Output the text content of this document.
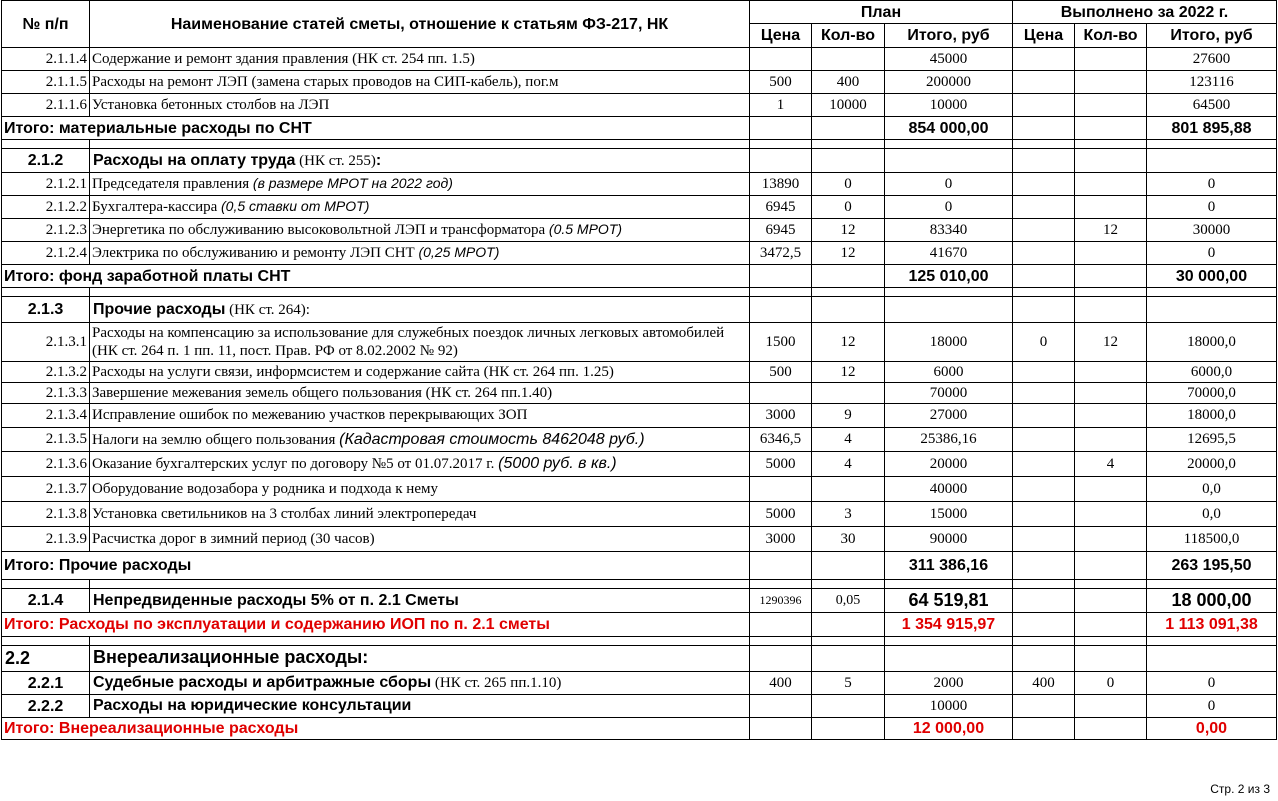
№ п/п	Наименование статей сметы, отношение к статьям ФЗ-217, НК	План			Выполнено за 2022 г.		
		Цена	Кол-во	Итого, руб	Цена	Кол-во	Итого, руб
2.1.1.4	Содержание и ремонт здания правления (НК ст. 254 пп. 1.5)			45000			27600
2.1.1.5	Расходы на ремонт ЛЭП (замена старых проводов на СИП-кабель), пог.м	500	400	200000			123116
2.1.1.6	Установка бетонных столбов на ЛЭП	1	10000	10000			64500
Итого: материальные расходы по СНТ				854 000,00			801 895,88

2.1.2	Расходы на оплату труда (НК ст. 255):						
2.1.2.1	Председателя правления (в размере МРОТ на 2022 год)	13890	0	0			0
2.1.2.2	Бухгалтера-кассира (0,5 ставки от МРОТ)	6945	0	0			0
2.1.2.3	Энергетика по обслуживанию высоковольтной ЛЭП и трансформатора (0.5 МРОТ)	6945	12	83340		12	30000
2.1.2.4	Электрика по обслуживанию и ремонту ЛЭП СНТ (0,25 МРОТ)	3472,5	12	41670			0
Итого: фонд заработной платы СНТ				125 010,00			30 000,00

2.1.3	Прочие расходы (НК ст. 264):						
2.1.3.1	Расходы на компенсацию за использование для служебных поездок личных легковых автомобилей (НК ст. 264 п. 1 пп. 11, пост. Прав. РФ от 8.02.2002 № 92)	1500	12	18000	0	12	18000,0
2.1.3.2	Расходы на услуги связи, информсистем и содержание сайта (НК ст. 264 пп. 1.25)	500	12	6000			6000,0
2.1.3.3	Завершение межевания земель общего пользования (НК ст. 264 пп.1.40)			70000			70000,0
2.1.3.4	Исправление ошибок по межеванию участков перекрывающих ЗОП	3000	9	27000			18000,0
2.1.3.5	Налоги на землю общего пользования (Кадастровая стоимость 8462048 руб.)	6346,5	4	25386,16			12695,5
2.1.3.6	Оказание бухгалтерских услуг по договору №5 от 01.07.2017 г. (5000 руб. в кв.)	5000	4	20000		4	20000,0
2.1.3.7	Оборудование водозабора у родника и подхода к нему			40000			0,0
2.1.3.8	Установка светильников на 3 столбах линий электропередач	5000	3	15000			0,0
2.1.3.9	Расчистка дорог в зимний период (30 часов)	3000	30	90000			118500,0
Итого: Прочие расходы				311 386,16			263 195,50

2.1.4	Непредвиденные расходы 5% от п. 2.1 Сметы	1290396	0,05	64 519,81			18 000,00
Итого: Расходы по эксплуатации и содержанию ИОП по п. 2.1 сметы				1 354 915,97			1 113 091,38

2.2	Внереализационные расходы:						
2.2.1	Судебные расходы и арбитражные сборы (НК ст. 265 пп.1.10)	400	5	2000	400	0	0
2.2.2	Расходы на юридические консультации			10000			0
Итого: Внереализационные расходы				12 000,00			0,00
Стр. 2 из 3
